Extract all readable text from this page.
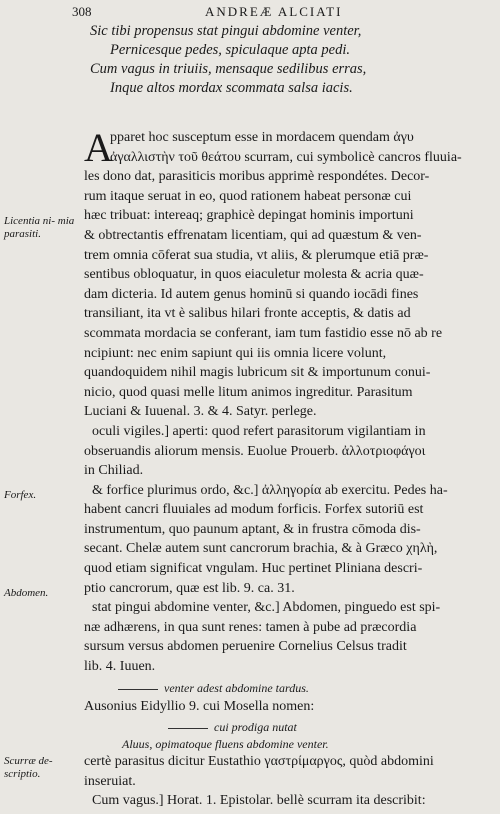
308	ANDREÆ ALCIATI
Sic tibi propensus stat pingui abdomine venter,
Pernicesque pedes, spiculaque apta pedi.
Cum vagus in triuiis, mensaque sedilibus erras,
Inque altos mordax scommata salsa iacis.
A
pparet hoc susceptum esse in mordacem quendam ἀγυ
ἀγαλλιστὴν τοῦ θεάτου scurram, cui symbolicè cancros fluuia-
les dono dat, parasiticis moribus apprimè respondétes. Decor-
rum itaque seruat in eo, quod rationem habeat personæ cui
hæc tribuat: intereaq; graphicè depingat hominis importuni
& obtrectantis effrenatam licentiam, qui ad quæstum & ven-
trem omnia cōferat sua studia, vt aliis, & plerumque etiā præ-
sentibus obloquatur, in quos eiaculetur molesta & acria quæ-
dam dicteria. Id autem genus hominū si quando iocādi fines
transiliant, ita vt è salibus hilari fronte acceptis, & datis ad
scommata mordacia se conferant, iam tum fastidio esse nō ab re
ncipiunt: nec enim sapiunt qui iis omnia licere volunt,
quandoquidem nihil magis lubricum sit & importunum conui-
nicio, quod quasi melle litum animos ingreditur. Parasitum
Luciani & Iuuenal. 3. & 4. Satyr. perlege.
oculi vigiles.] aperti: quod refert parasitorum vigilantiam in
obseruandis aliorum mensis. Euolue Prouerb. ἀλλοτριοφάγοι
in Chiliad.
& forfice plurimus ordo, &c.] ἀλληγορία ab exercitu. Pedes ha-
habent cancri fluuiales ad modum forficis. Forfex sutoriū est
instrumentum, quo paunum aptant, & in frustra cōmoda dis-
secant. Chelæ autem sunt cancrorum brachia, & à Græco χηλὴ,
quod etiam significat vngulam. Huc pertinet Pliniana descri-
ptio cancrorum, quæ est lib. 9. ca. 31.
stat pingui abdomine venter, &c.] Abdomen, pinguedo est spi-
næ adhærens, in qua sunt renes: tamen à pube ad præcordia
sursum versus abdomen peruenire Cornelius Celsus tradit
lib. 4. Iuuen.
venter adest abdomine tardus.
Ausonius Eidyllio 9. cui Mosella nomen:
cui prodiga nutat
Aluus, opimatoque fluens abdomine venter.
certè parasitus dicitur Eustathio γαστρίμαργος, quòd abdomini
inseruiat.
Cum vagus.] Horat. 1. Epistolar. bellè scurram ita describit:
Licentia ni- mia parasiti.
Forfex.
Abdomen.
Scurræ de- scriptio.
